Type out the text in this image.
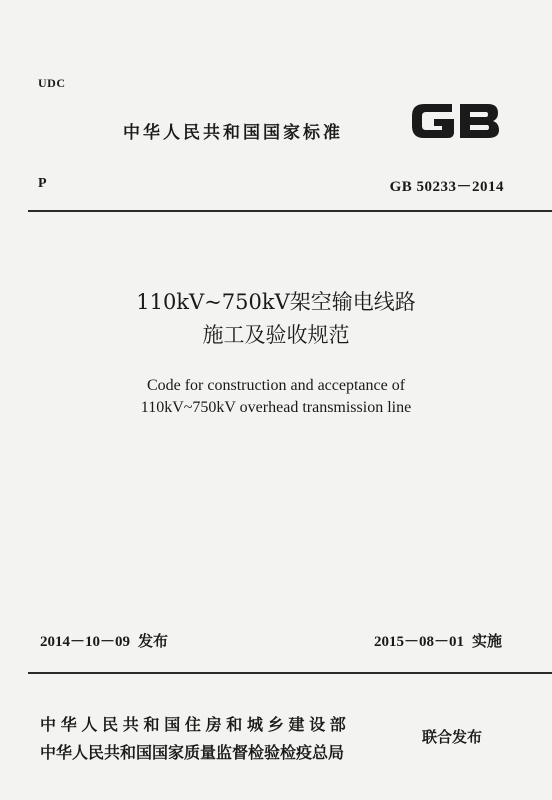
UDC
中华人民共和国国家标准
P	GB 50233－2014
110kV~750kV架空输电线路
施工及验收规范
Code for construction and acceptance of
110kV~750kV overhead transmission line
2014－10－09 发布	2015－08－01 实施
中华人民共和国住房和城乡建设部
中华人民共和国国家质量监督检验检疫总局
联合发布
